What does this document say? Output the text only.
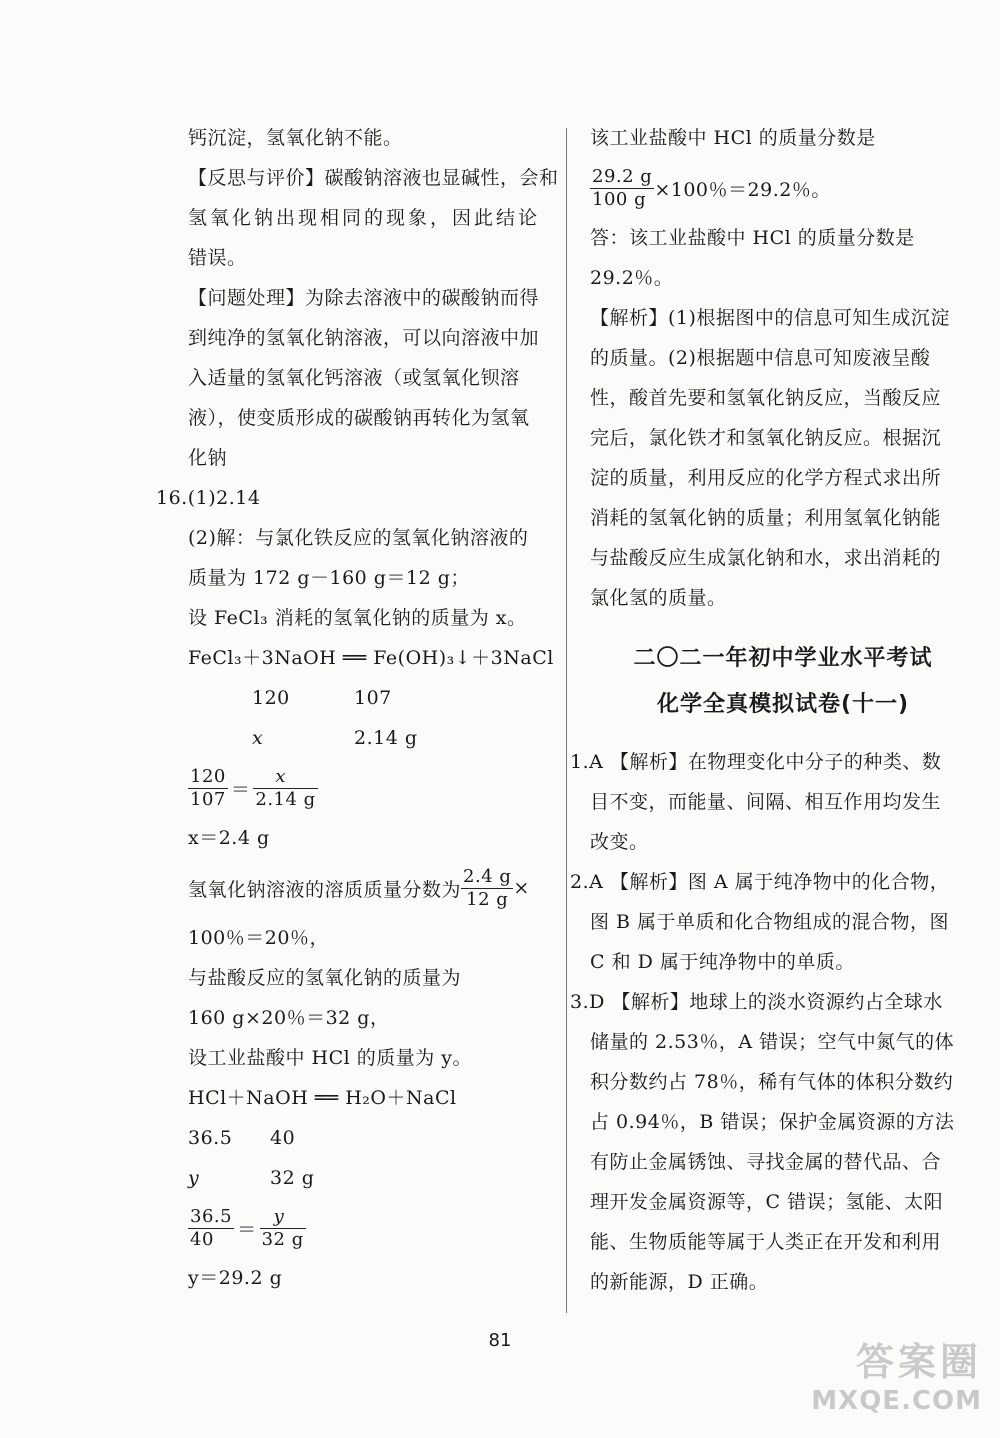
钙沉淀，氢氧化钠不能。
【反思与评价】碳酸钠溶液也显碱性，会和
氢氧化钠出现相同的现象，因此结论
错误。
【问题处理】为除去溶液中的碳酸钠而得
到纯净的氢氧化钠溶液，可以向溶液中加
入适量的氢氧化钙溶液（或氢氧化钡溶
液），使变质形成的碳酸钠再转化为氢氧
化钠
16.(1)2.14
(2)解：与氯化铁反应的氢氧化钠溶液的
质量为 172 g－160 g＝12 g；
设 FeCl₃ 消耗的氢氧化钠的质量为 x。
FeCl₃＋3NaOH ══ Fe(OH)₃↓＋3NaCl
120	107
x	2.14 g
$\frac{120}{107} = \frac{x}{2.14 g}$
x＝2.4 g
氢氧化钠溶液的溶质质量分数为 $\frac{2.4 g}{12 g}$ ×
100％＝20％，
与盐酸反应的氢氧化钠的质量为
160 g×20％＝32 g，
设工业盐酸中 HCl 的质量为 y。
HCl＋NaOH ══ H₂O＋NaCl
36.5 40
y	32 g
$\frac{36.5}{40} = \frac{y}{32 g}$
y＝29.2 g
该工业盐酸中 HCl 的质量分数是
$\frac{29.2 g}{100 g} \times 100$％＝29.2％。
答：该工业盐酸中 HCl 的质量分数是
29.2％。
【解析】(1)根据图中的信息可知生成沉淀
的质量。(2)根据题中信息可知废液呈酸
性，酸首先要和氢氧化钠反应，当酸反应
完后，氯化铁才和氢氧化钠反应。根据沉
淀的质量，利用反应的化学方程式求出所
消耗的氢氧化钠的质量；利用氢氧化钠能
与盐酸反应生成氯化钠和水，求出消耗的
氯化氢的质量。
二〇二一年初中学业水平考试
化学全真模拟试卷(十一)
1.A 【解析】在物理变化中分子的种类、数
目不变，而能量、间隔、相互作用均发生
改变。
2.A 【解析】图 A 属于纯净物中的化合物，
图 B 属于单质和化合物组成的混合物，图
C 和 D 属于纯净物中的单质。
3.D 【解析】地球上的淡水资源约占全球水
储量的 2.53％，A 错误；空气中氮气的体
积分数约占 78％，稀有气体的体积分数约
占 0.94％，B 错误；保护金属资源的方法
有防止金属锈蚀、寻找金属的替代品、合
理开发金属资源等，C 错误；氢能、太阳
能、生物质能等属于人类正在开发和利用
的新能源，D 正确。
81	答案圈
MXQE.COM
